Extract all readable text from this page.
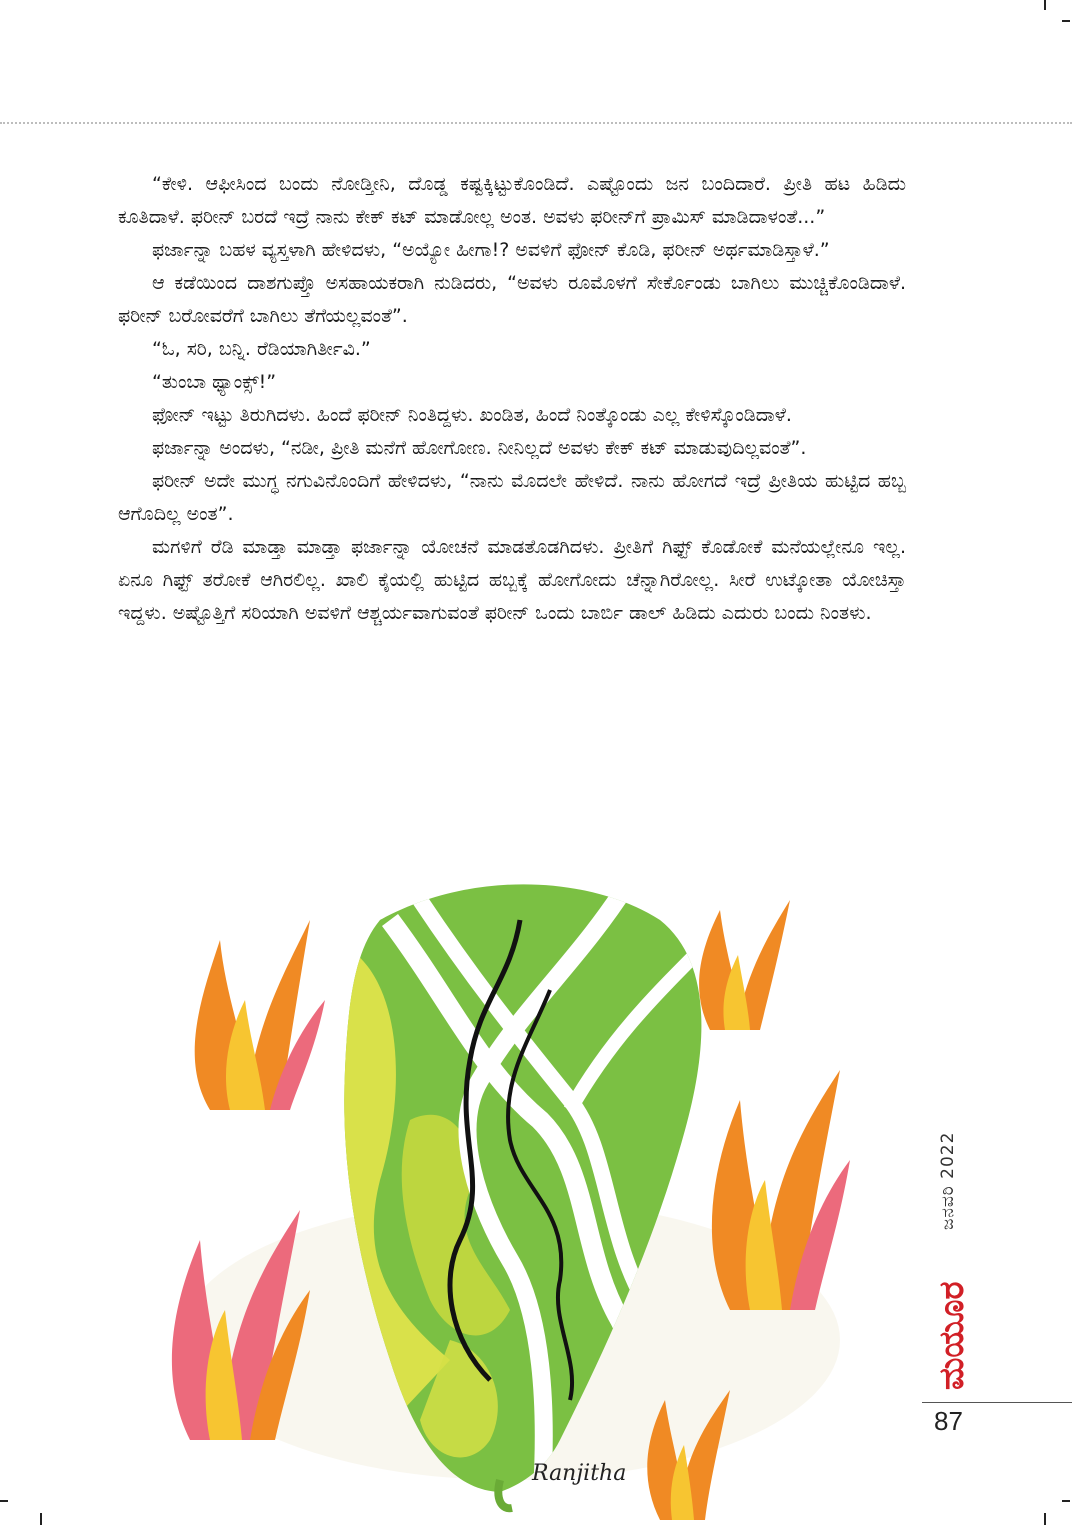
“ಕೇಳಿ. ಆಫೀಸಿಂದ ಬಂದು ನೋಡ್ತೀನಿ, ದೊಡ್ಡ ಕಷ್ಟಕ್ಕಿಟ್ಟುಕೊಂಡಿದೆ. ಎಷ್ಟೊಂದು ಜನ ಬಂದಿದಾರೆ. ಪ್ರೀತಿ ಹಟ ಹಿಡಿದು ಕೂತಿದಾಳೆ. ಫರೀನ್ ಬರದೆ ಇದ್ರೆ ನಾನು ಕೇಕ್ ಕಟ್ ಮಾಡೋಲ್ಲ ಅಂತ. ಅವಳು ಫರೀನ್‌ಗೆ ಪ್ರಾಮಿಸ್ ಮಾಡಿದಾಳಂತೆ...”

ಫರ್ಜಾನ್ನಾ ಬಹಳ ವ್ಯಸ್ತಳಾಗಿ ಹೇಳಿದಳು, “ಅಯ್ಯೋ ಹೀಗಾ!? ಅವಳಿಗೆ ಫೋನ್ ಕೊಡಿ, ಫರೀನ್ ಅರ್ಥಮಾಡಿಸ್ತಾಳೆ.”

ಆ ಕಡೆಯಿಂದ ದಾಶಗುಪ್ತೊ ಅಸಹಾಯಕರಾಗಿ ನುಡಿದರು, “ಅವಳು ರೂಮೊಳಗೆ ಸೇರ್ಕೊಂಡು ಬಾಗಿಲು ಮುಚ್ಚಿಕೊಂಡಿದಾಳೆ. ಫರೀನ್ ಬರೋವರೆಗೆ ಬಾಗಿಲು ತೆಗೆಯಲ್ಲವಂತೆ”.

“ಓ, ಸರಿ, ಬನ್ನಿ. ರೆಡಿಯಾಗಿರ್ತೀವಿ.”

“ತುಂಬಾ ಥ್ಯಾಂಕ್ಸ್!”

ಫೋನ್ ಇಟ್ಟು ತಿರುಗಿದಳು. ಹಿಂದೆ ಫರೀನ್ ನಿಂತಿದ್ದಳು. ಖಂಡಿತ, ಹಿಂದೆ ನಿಂತ್ಕೊಂಡು ಎಲ್ಲ ಕೇಳಿಸ್ಕೊಂಡಿದಾಳೆ.

ಫರ್ಜಾನ್ನಾ ಅಂದಳು, “ನಡೀ, ಪ್ರೀತಿ ಮನೆಗೆ ಹೋಗೋಣ. ನೀನಿಲ್ಲದೆ ಅವಳು ಕೇಕ್ ಕಟ್ ಮಾಡುವುದಿಲ್ಲವಂತೆ”.

ಫರೀನ್ ಅದೇ ಮುಗ್ಧ ನಗುವಿನೊಂದಿಗೆ ಹೇಳಿದಳು, “ನಾನು ಮೊದಲೇ ಹೇಳಿದೆ. ನಾನು ಹೋಗದೆ ಇದ್ರೆ ಪ್ರೀತಿಯ ಹುಟ್ಟಿದ ಹಬ್ಬ ಆಗೊದಿಲ್ಲ ಅಂತ”.

ಮಗಳಿಗೆ ರೆಡಿ ಮಾಡ್ತಾ ಮಾಡ್ತಾ ಫರ್ಜಾನ್ನಾ ಯೋಚನೆ ಮಾಡತೊಡಗಿದಳು. ಪ್ರೀತಿಗೆ ಗಿಫ್ಟ್ ಕೊಡೋಕೆ ಮನೆಯಲ್ಲೇನೂ ಇಲ್ಲ. ಏನೂ ಗಿಫ್ಟ್ ತರೋಕೆ ಆಗಿರಲಿಲ್ಲ. ಖಾಲಿ ಕೈಯಲ್ಲಿ ಹುಟ್ಟಿದ ಹಬ್ಬಕ್ಕೆ ಹೋಗೋದು ಚೆನ್ನಾಗಿರೋಲ್ಲ. ಸೀರೆ ಉಟ್ಕೋತಾ ಯೋಚಿಸ್ತಾ ಇದ್ದಳು. ಅಷ್ಟೊತ್ತಿಗೆ ಸರಿಯಾಗಿ ಅವಳಿಗೆ ಆಶ್ಚರ್ಯವಾಗುವಂತೆ ಫರೀನ್ ಒಂದು ಬಾರ್ಬಿ ಡಾಲ್ ಹಿಡಿದು ಎದುರು ಬಂದು ನಿಂತಳು.

Ranjitha
ಜನವರಿ 2022
ಮಯೂರ
87
